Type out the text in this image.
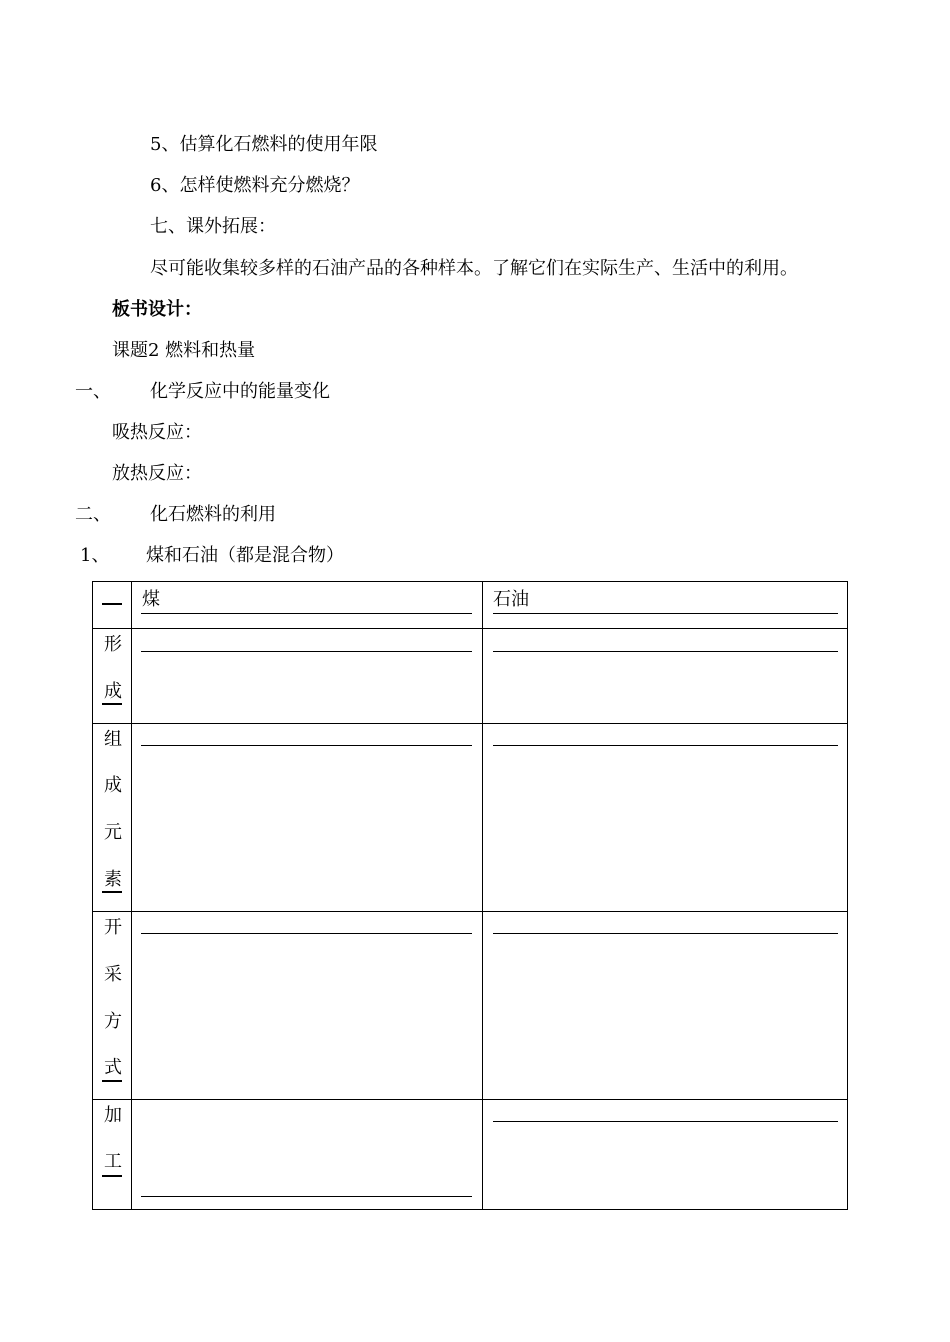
5、估算化石燃料的使用年限
6、怎样使燃料充分燃烧？
七、课外拓展：
尽可能收集较多样的石油产品的各种样本。了解它们在实际生产、生活中的利用。
板书设计：
课题2 燃料和热量
一、 化学反应中的能量变化
吸热反应：
放热反应：
二、 化石燃料的利用
1、 煤和石油（都是混合物）
煤	石油
形
成
组
成
元
素
开
采
方
式
加
工
